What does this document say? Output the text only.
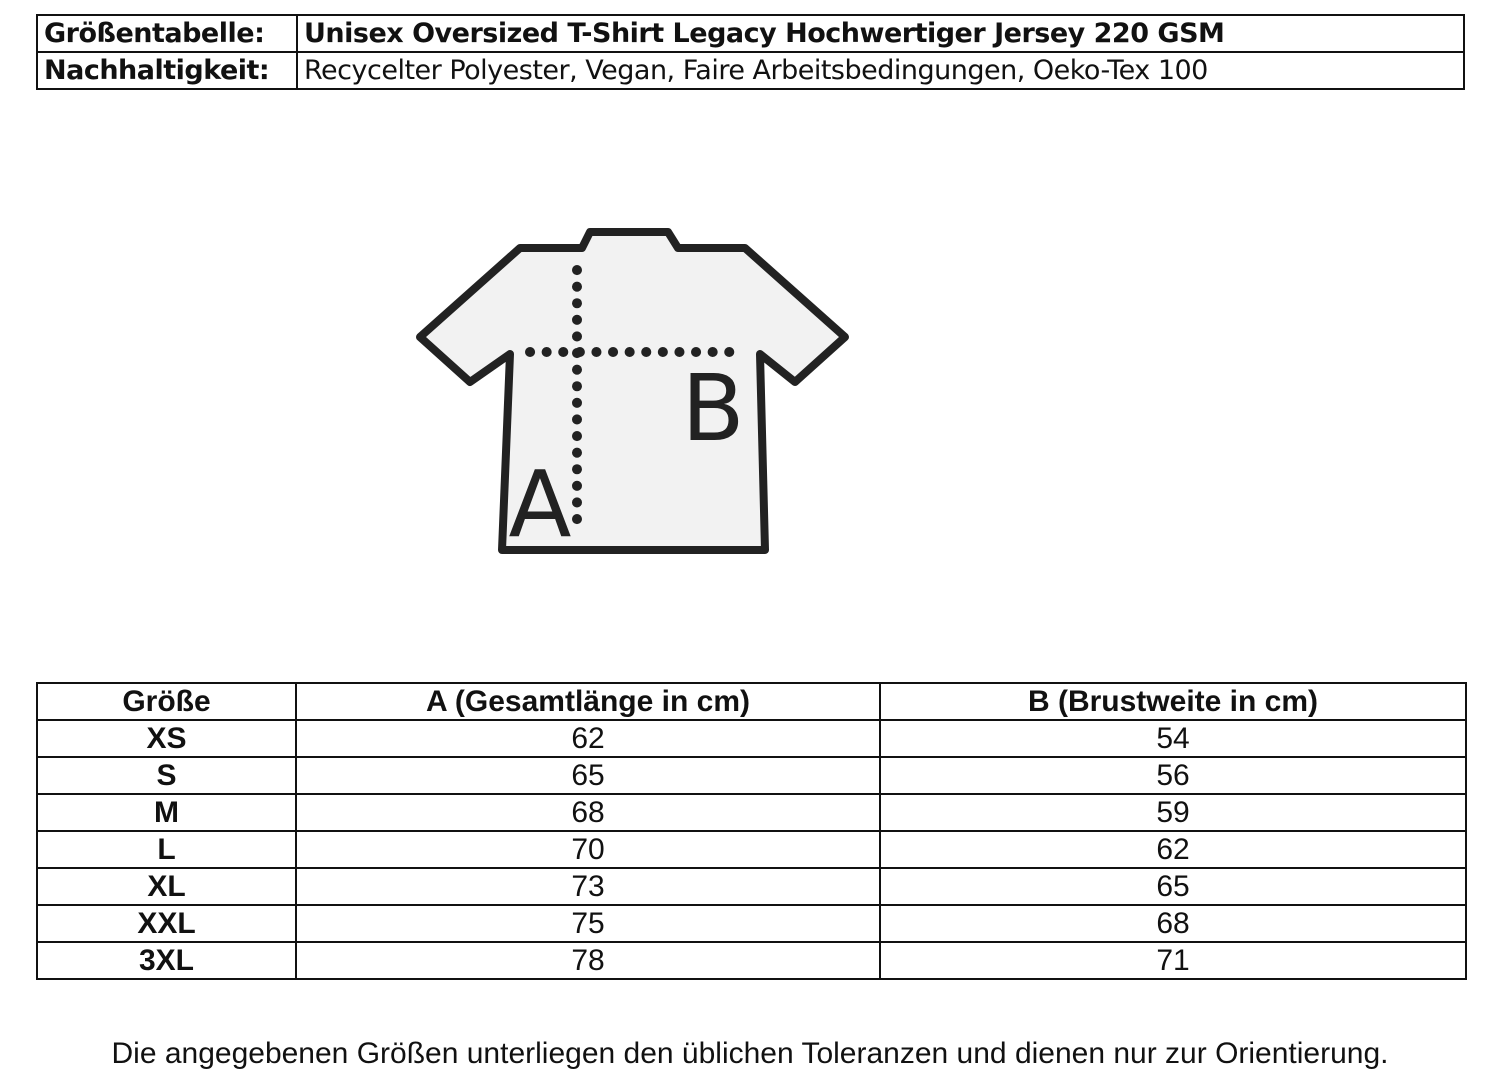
Größentabelle:	Unisex Oversized T-Shirt Legacy Hochwertiger Jersey 220 GSM
Nachhaltigkeit:	Recycelter Polyester, Vegan, Faire Arbeitsbedingungen, Oeko-Tex 100
A
B
Größe	A (Gesamtlänge in cm)	B (Brustweite in cm)
XS	62	54
S	65	56
M	68	59
L	70	62
XL	73	65
XXL	75	68
3XL	78	71
Die angegebenen Größen unterliegen den üblichen Toleranzen und dienen nur zur Orientierung.
